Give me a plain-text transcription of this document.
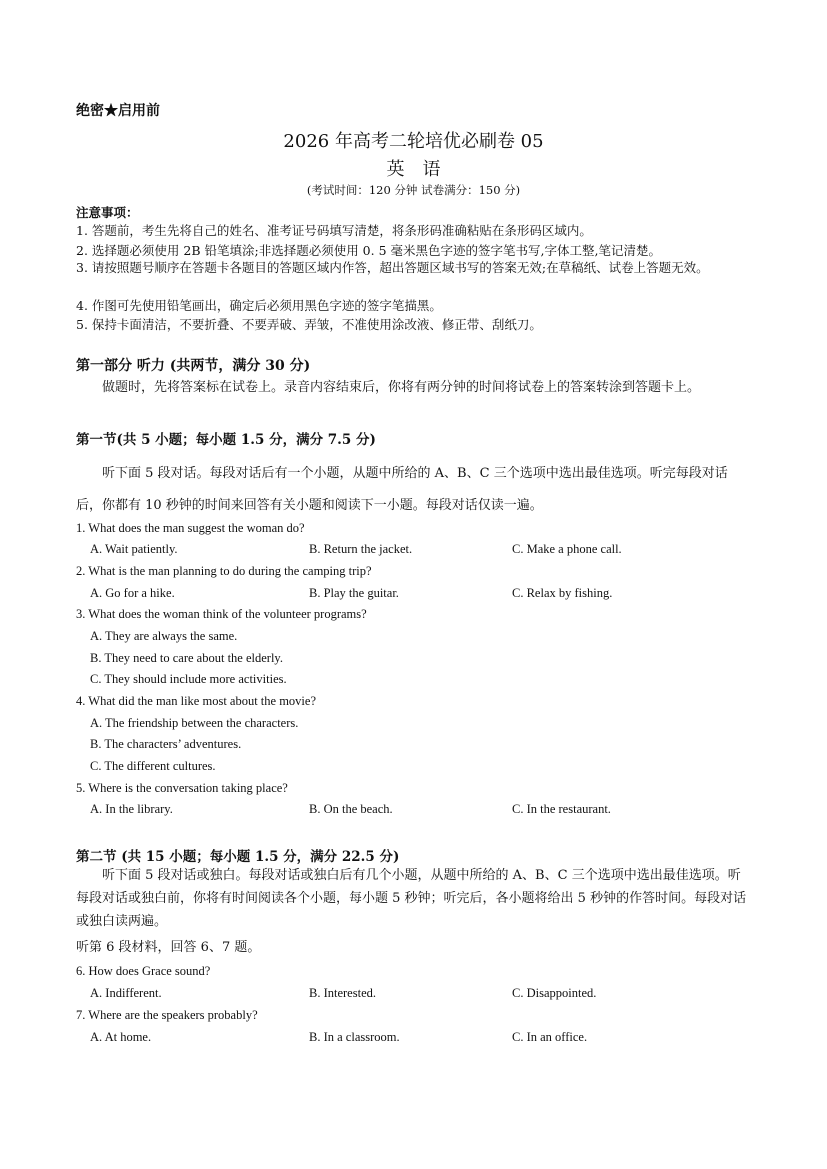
绝密★启用前
2026 年高考二轮培优必刷卷 05
英语
(考试时间：120 分钟 试卷满分：150 分)
注意事项：
1. 答题前，考生先将自己的姓名、准考证号码填写清楚，将条形码准确粘贴在条形码区域内。
2. 选择题必须使用 2B 铅笔填涂;非选择题必须使用 0. 5 毫米黑色字迹的签字笔书写,字体工整,笔记清楚。
3. 请按照题号顺序在答题卡各题目的答题区域内作答，超出答题区域书写的答案无效;在草稿纸、试卷上答题无效。
4. 作图可先使用铅笔画出，确定后必须用黑色字迹的签字笔描黑。
5. 保持卡面清洁，不要折叠、不要弄破、弄皱，不准使用涂改液、修正带、刮纸刀。
第一部分 听力 (共两节，满分 30 分)
做题时，先将答案标在试卷上。录音内容结束后，你将有两分钟的时间将试卷上的答案转涂到答题卡上。
第一节(共 5 小题；每小题 1.5 分，满分 7.5 分)
听下面 5 段对话。每段对话后有一个小题，从题中所给的 A、B、C 三个选项中选出最佳选项。听完每段对话后，你都有 10 秒钟的时间来回答有关小题和阅读下一小题。每段对话仅读一遍。
1. What does the man suggest the woman do?
A. Wait patiently.	B. Return the jacket.	C. Make a phone call.
2. What is the man planning to do during the camping trip?
A. Go for a hike.	B. Play the guitar.	C. Relax by fishing.
3. What does the woman think of the volunteer programs?
A. They are always the same.
B. They need to care about the elderly.
C. They should include more activities.
4. What did the man like most about the movie?
A. The friendship between the characters.
B. The characters’ adventures.
C. The different cultures.
5. Where is the conversation taking place?
A. In the library.	B. On the beach.	C. In the restaurant.
第二节 (共 15 小题；每小题 1.5 分，满分 22.5 分)
听下面 5 段对话或独白。每段对话或独白后有几个小题，从题中所给的 A、B、C 三个选项中选出最佳选项。听每段对话或独白前，你将有时间阅读各个小题，每小题 5 秒钟；听完后，各小题将给出 5 秒钟的作答时间。每段对话或独白读两遍。
听第 6 段材料，回答 6、7 题。
6. How does Grace sound?
A. Indifferent.	B. Interested.	C. Disappointed.
7. Where are the speakers probably?
A. At home.	B. In a classroom.	C. In an office.
